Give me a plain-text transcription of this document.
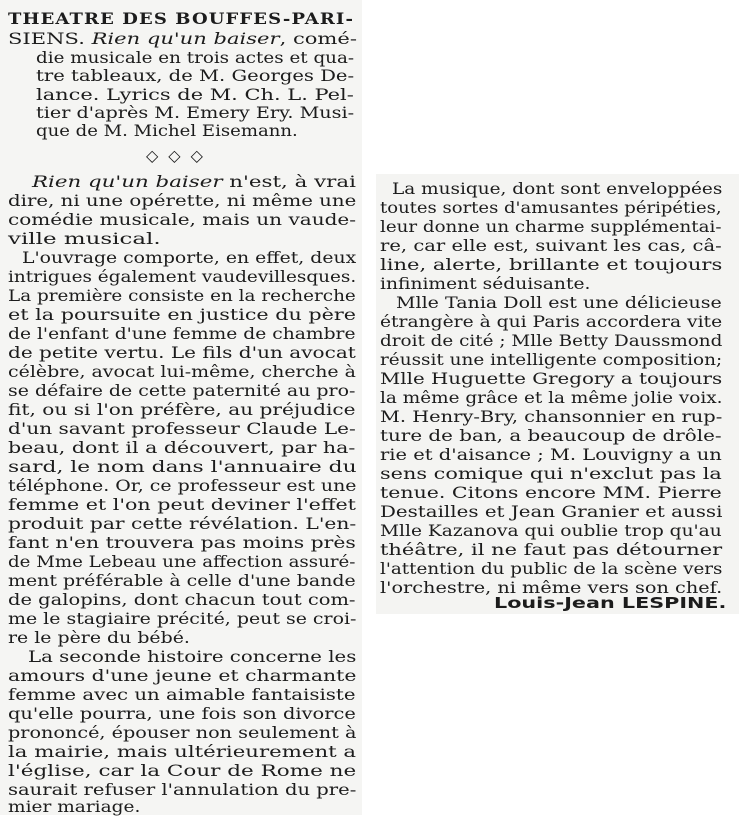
THEATRE DES BOUFFES-PARI-
SIENS. Rien qu'un baiser, comé-
die musicale en trois actes et qua-
tre tableaux, de M. Georges De-
lance. Lyrics de M. Ch. L. Pel-
tier d'après M. Emery Ery. Musi-
que de M. Michel Eisemann.
◇◇◇
Rien qu'un baiser n'est, à vrai
dire, ni une opérette, ni même une
comédie musicale, mais un vaude-
ville musical.
L'ouvrage comporte, en effet, deux
intrigues également vaudevillesques.
La première consiste en la recherche
et la poursuite en justice du père
de l'enfant d'une femme de chambre
de petite vertu. Le fils d'un avocat
célèbre, avocat lui-même, cherche à
se défaire de cette paternité au pro-
fit, ou si l'on préfère, au préjudice
d'un savant professeur Claude Le-
beau, dont il a découvert, par ha-
sard, le nom dans l'annuaire du
téléphone. Or, ce professeur est une
femme et l'on peut deviner l'effet
produit par cette révélation. L'en-
fant n'en trouvera pas moins près
de Mme Lebeau une affection assuré-
ment préférable à celle d'une bande
de galopins, dont chacun tout com-
me le stagiaire précité, peut se croi-
re le père du bébé.
La seconde histoire concerne les
amours d'une jeune et charmante
femme avec un aimable fantaisiste
qu'elle pourra, une fois son divorce
prononcé, épouser non seulement à
la mairie, mais ultérieurement a
l'église, car la Cour de Rome ne
saurait refuser l'annulation du pre-
mier mariage.
La musique, dont sont enveloppées
toutes sortes d'amusantes péripéties,
leur donne un charme supplémentai-
re, car elle est, suivant les cas, câ-
line, alerte, brillante et toujours
infiniment séduisante.
Mlle Tania Doll est une délicieuse
étrangère à qui Paris accordera vite
droit de cité ; Mlle Betty Daussmond
réussit une intelligente composition;
Mlle Huguette Gregory a toujours
la même grâce et la même jolie voix.
M. Henry-Bry, chansonnier en rup-
ture de ban, a beaucoup de drôle-
rie et d'aisance ; M. Louvigny a un
sens comique qui n'exclut pas la
tenue. Citons encore MM. Pierre
Destailles et Jean Granier et aussi
Mlle Kazanova qui oublie trop qu'au
théâtre, il ne faut pas détourner
l'attention du public de la scène vers
l'orchestre, ni même vers son chef.
Louis-Jean LESPINE.
